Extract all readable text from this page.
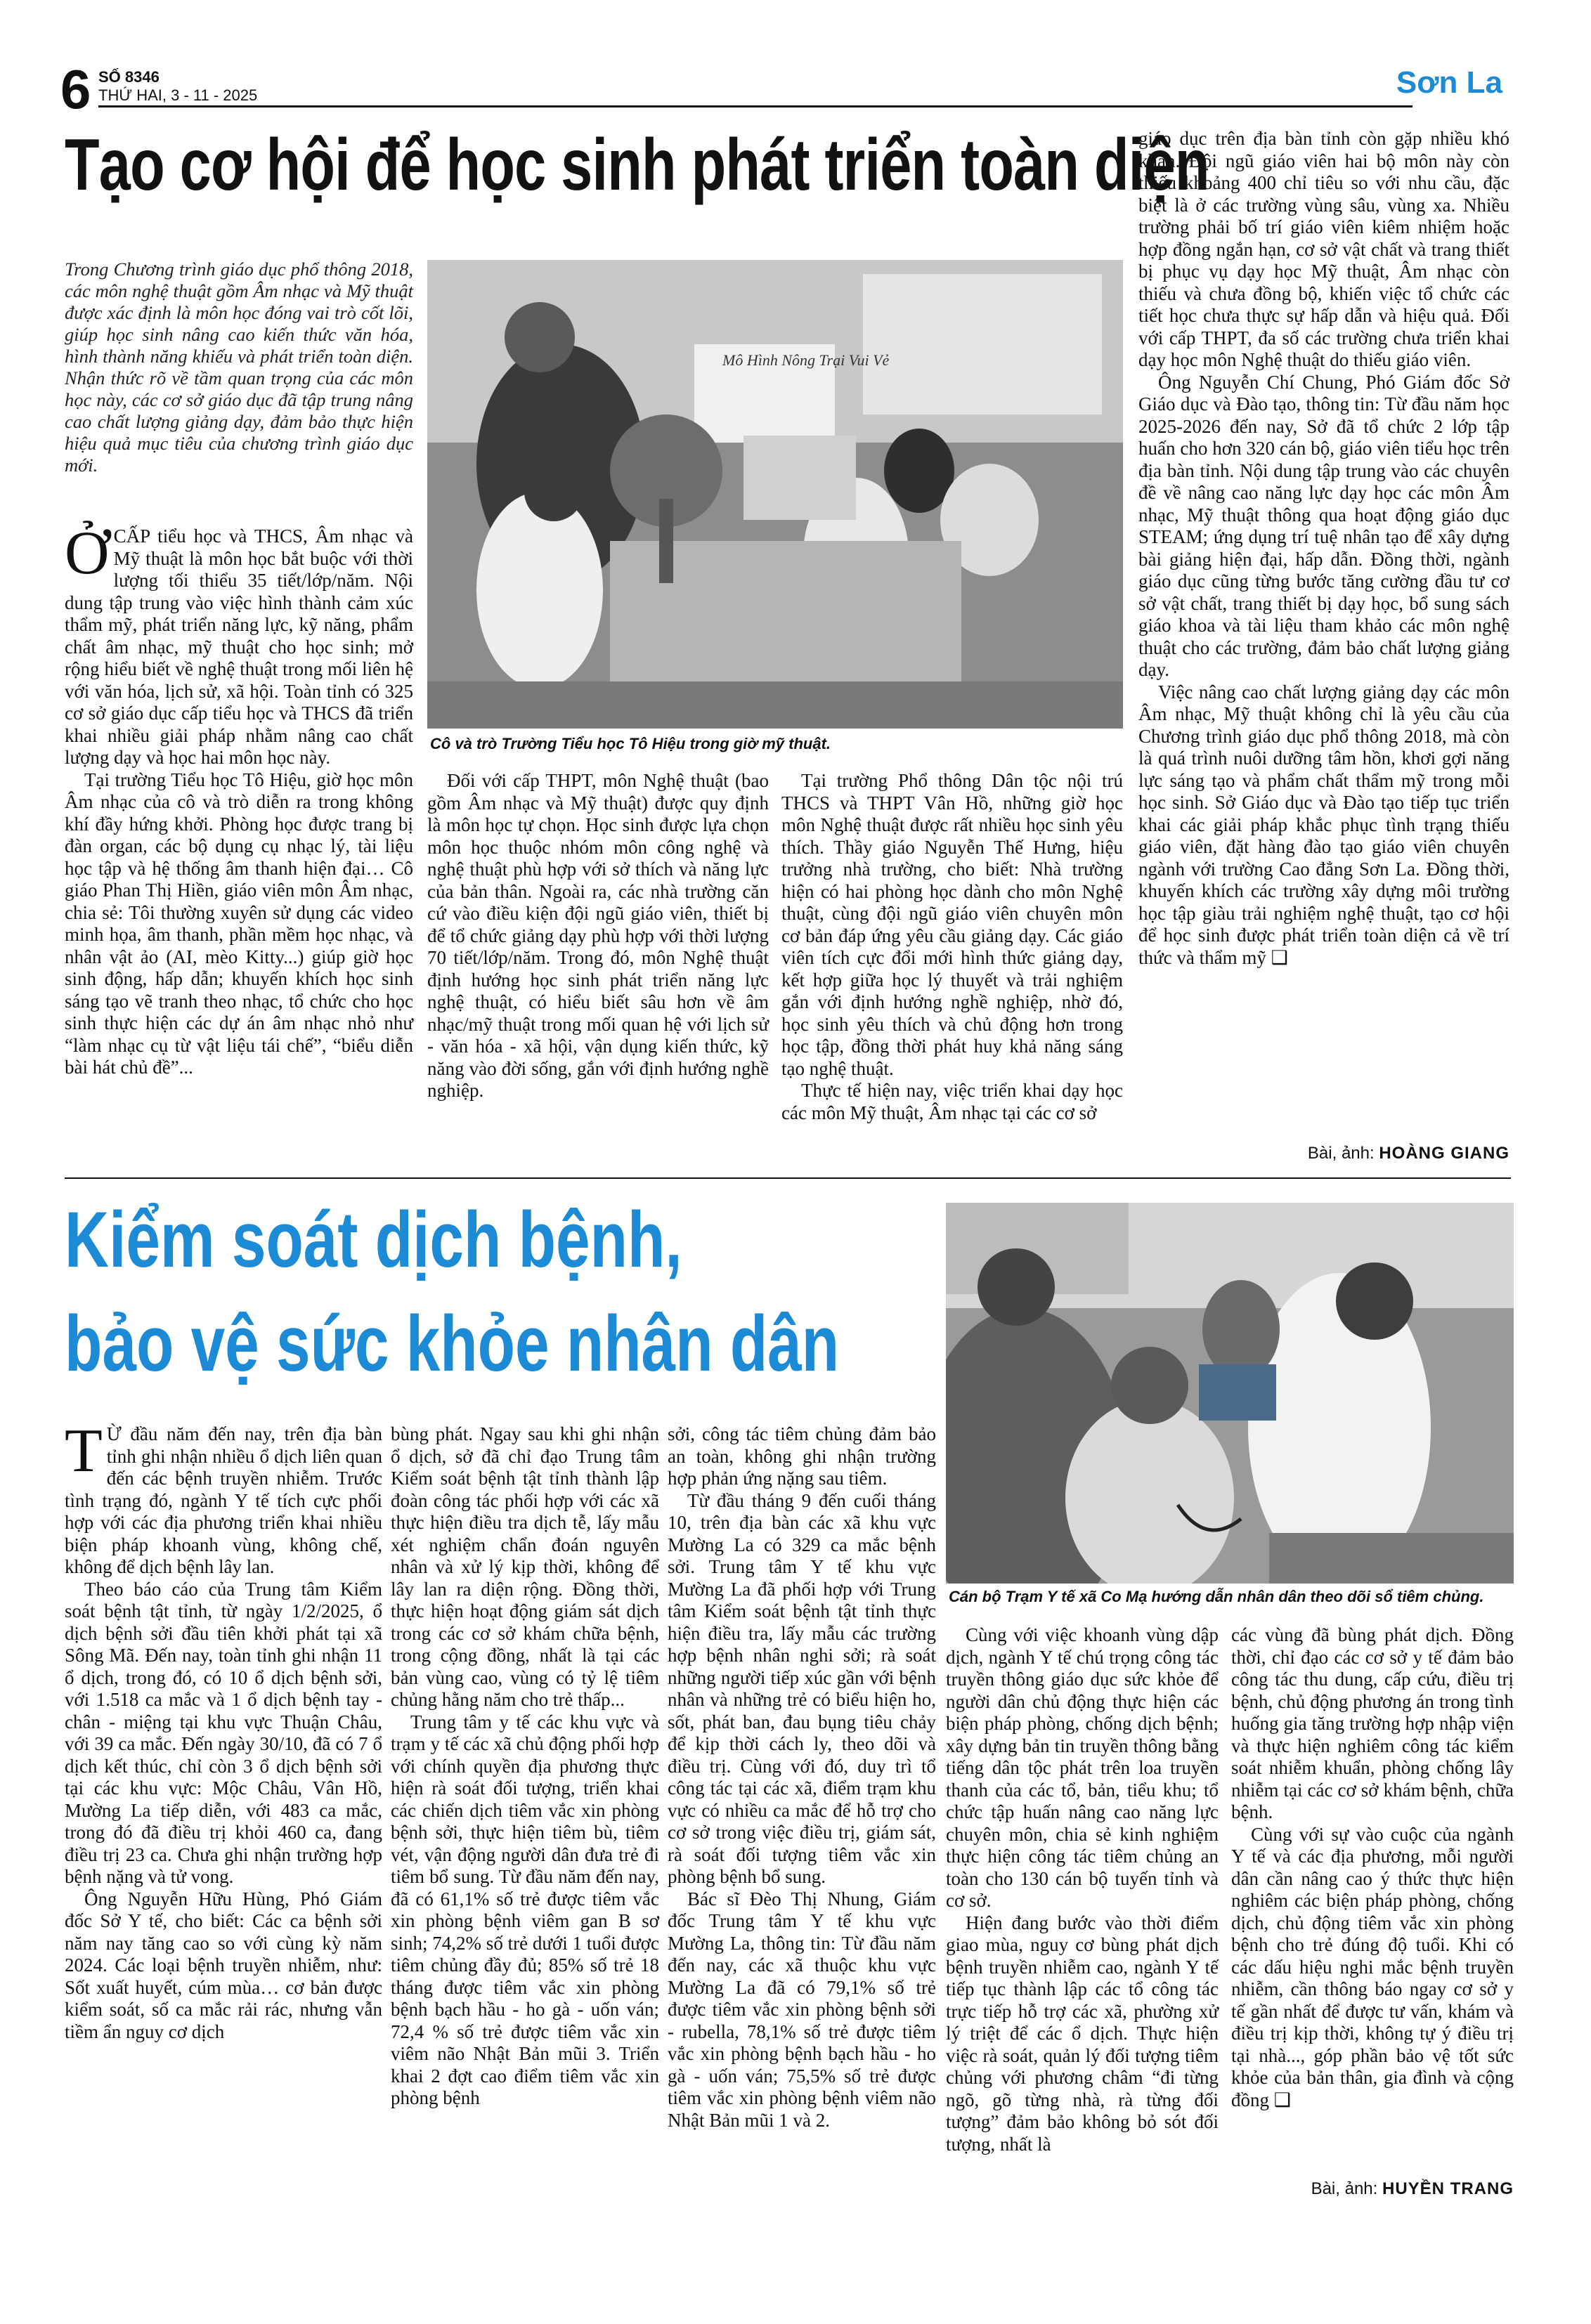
6 SỐ 8346
THỨ HAI, 3 - 11 - 2025	Sơn La
Tạo cơ hội để học sinh phát triển toàn diện
Trong Chương trình giáo dục phổ thông 2018, các môn nghệ thuật gồm Âm nhạc và Mỹ thuật được xác định là môn học đóng vai trò cốt lõi, giúp học sinh nâng cao kiến thức văn hóa, hình thành năng khiếu và phát triển toàn diện. Nhận thức rõ về tầm quan trọng của các môn học này, các cơ sở giáo dục đã tập trung nâng cao chất lượng giảng dạy, đảm bảo thực hiện hiệu quả mục tiêu của chương trình giáo dục mới.
Mô Hình Nông Trại Vui Vẻ
Cô và trò Trường Tiểu học Tô Hiệu trong giờ mỹ thuật.

ỞCẤP tiểu học và THCS, Âm nhạc và Mỹ thuật là môn học bắt buộc với thời lượng tối thiểu 35 tiết/lớp/năm. Nội dung tập trung vào việc hình thành cảm xúc thẩm mỹ, phát triển năng lực, kỹ năng, phẩm chất âm nhạc, mỹ thuật cho học sinh; mở rộng hiểu biết về nghệ thuật trong mối liên hệ với văn hóa, lịch sử, xã hội. Toàn tỉnh có 325 cơ sở giáo dục cấp tiểu học và THCS đã triển khai nhiều giải pháp nhằm nâng cao chất lượng dạy và học hai môn học này.

Tại trường Tiểu học Tô Hiệu, giờ học môn Âm nhạc của cô và trò diễn ra trong không khí đầy hứng khởi. Phòng học được trang bị đàn organ, các bộ dụng cụ nhạc lý, tài liệu học tập và hệ thống âm thanh hiện đại… Cô giáo Phan Thị Hiền, giáo viên môn Âm nhạc, chia sẻ: Tôi thường xuyên sử dụng các video minh họa, âm thanh, phần mềm học nhạc, và nhân vật ảo (AI, mèo Kitty...) giúp giờ học sinh động, hấp dẫn; khuyến khích học sinh sáng tạo vẽ tranh theo nhạc, tổ chức cho học sinh thực hiện các dự án âm nhạc nhỏ như “làm nhạc cụ từ vật liệu tái chế”, “biểu diễn bài hát chủ đề”...

Đối với cấp THPT, môn Nghệ thuật (bao gồm Âm nhạc và Mỹ thuật) được quy định là môn học tự chọn. Học sinh được lựa chọn môn học thuộc nhóm môn công nghệ và nghệ thuật phù hợp với sở thích và năng lực của bản thân. Ngoài ra, các nhà trường căn cứ vào điều kiện đội ngũ giáo viên, thiết bị để tổ chức giảng dạy phù hợp với thời lượng 70 tiết/lớp/năm. Trong đó, môn Nghệ thuật định hướng học sinh phát triển năng lực nghệ thuật, có hiểu biết sâu hơn về âm nhạc/mỹ thuật trong mối quan hệ với lịch sử - văn hóa - xã hội, vận dụng kiến thức, kỹ năng vào đời sống, gắn với định hướng nghề nghiệp.

Tại trường Phổ thông Dân tộc nội trú THCS và THPT Vân Hồ, những giờ học môn Nghệ thuật được rất nhiều học sinh yêu thích. Thầy giáo Nguyễn Thế Hưng, hiệu trưởng nhà trường, cho biết: Nhà trường hiện có hai phòng học dành cho môn Nghệ thuật, cùng đội ngũ giáo viên chuyên môn cơ bản đáp ứng yêu cầu giảng dạy. Các giáo viên tích cực đổi mới hình thức giảng dạy, kết hợp giữa học lý thuyết và trải nghiệm gắn với định hướng nghề nghiệp, nhờ đó, học sinh yêu thích và chủ động hơn trong học tập, đồng thời phát huy khả năng sáng tạo nghệ thuật.

Thực tế hiện nay, việc triển khai dạy học các môn Mỹ thuật, Âm nhạc tại các cơ sở

giáo dục trên địa bàn tỉnh còn gặp nhiều khó khăn. Đội ngũ giáo viên hai bộ môn này còn thiếu khoảng 400 chỉ tiêu so với nhu cầu, đặc biệt là ở các trường vùng sâu, vùng xa. Nhiều trường phải bố trí giáo viên kiêm nhiệm hoặc hợp đồng ngắn hạn, cơ sở vật chất và trang thiết bị phục vụ dạy học Mỹ thuật, Âm nhạc còn thiếu và chưa đồng bộ, khiến việc tổ chức các tiết học chưa thực sự hấp dẫn và hiệu quả. Đối với cấp THPT, đa số các trường chưa triển khai dạy học môn Nghệ thuật do thiếu giáo viên.

Ông Nguyễn Chí Chung, Phó Giám đốc Sở Giáo dục và Đào tạo, thông tin: Từ đầu năm học 2025-2026 đến nay, Sở đã tổ chức 2 lớp tập huấn cho hơn 320 cán bộ, giáo viên tiểu học trên địa bàn tỉnh. Nội dung tập trung vào các chuyên đề về nâng cao năng lực dạy học các môn Âm nhạc, Mỹ thuật thông qua hoạt động giáo dục STEAM; ứng dụng trí tuệ nhân tạo để xây dựng bài giảng hiện đại, hấp dẫn. Đồng thời, ngành giáo dục cũng từng bước tăng cường đầu tư cơ sở vật chất, trang thiết bị dạy học, bổ sung sách giáo khoa và tài liệu tham khảo các môn nghệ thuật cho các trường, đảm bảo chất lượng giảng dạy.

Việc nâng cao chất lượng giảng dạy các môn Âm nhạc, Mỹ thuật không chỉ là yêu cầu của Chương trình giáo dục phổ thông 2018, mà còn là quá trình nuôi dưỡng tâm hồn, khơi gợi năng lực sáng tạo và phẩm chất thẩm mỹ trong mỗi học sinh. Sở Giáo dục và Đào tạo tiếp tục triển khai các giải pháp khắc phục tình trạng thiếu giáo viên, đặt hàng đào tạo giáo viên chuyên ngành với trường Cao đẳng Sơn La. Đồng thời, khuyến khích các trường xây dựng môi trường học tập giàu trải nghiệm nghệ thuật, tạo cơ hội để học sinh được phát triển toàn diện cả về trí thức và thẩm mỹ ❑

Bài, ảnh: HOÀNG GIANG
Kiểm soát dịch bệnh,
bảo vệ sức khỏe nhân dân
Cán bộ Trạm Y tế xã Co Mạ hướng dẫn nhân dân theo dõi sổ tiêm chủng.

T Ừ đầu năm đến nay, trên địa bàn tỉnh ghi nhận nhiều ổ dịch liên quan đến các bệnh truyền nhiễm. Trước tình trạng đó, ngành Y tế tích cực phối hợp với các địa phương triển khai nhiều biện pháp khoanh vùng, không chế, không để dịch bệnh lây lan.

Theo báo cáo của Trung tâm Kiểm soát bệnh tật tỉnh, từ ngày 1/2/2025, ổ dịch bệnh sởi đầu tiên khởi phát tại xã Sông Mã. Đến nay, toàn tỉnh ghi nhận 11 ổ dịch, trong đó, có 10 ổ dịch bệnh sởi, với 1.518 ca mắc và 1 ổ dịch bệnh tay - chân - miệng tại khu vực Thuận Châu, với 39 ca mắc. Đến ngày 30/10, đã có 7 ổ dịch kết thúc, chỉ còn 3 ổ dịch bệnh sởi tại các khu vực: Mộc Châu, Vân Hồ, Mường La tiếp diễn, với 483 ca mắc, trong đó đã điều trị khỏi 460 ca, đang điều trị 23 ca. Chưa ghi nhận trường hợp bệnh nặng và tử vong.

Ông Nguyễn Hữu Hùng, Phó Giám đốc Sở Y tế, cho biết: Các ca bệnh sởi năm nay tăng cao so với cùng kỳ năm 2024. Các loại bệnh truyền nhiễm, như: Sốt xuất huyết, cúm mùa… cơ bản được kiểm soát, số ca mắc rải rác, nhưng vẫn tiềm ẩn nguy cơ dịch

bùng phát. Ngay sau khi ghi nhận ổ dịch, sở đã chỉ đạo Trung tâm Kiểm soát bệnh tật tỉnh thành lập đoàn công tác phối hợp với các xã thực hiện điều tra dịch tễ, lấy mẫu xét nghiệm chẩn đoán nguyên nhân và xử lý kịp thời, không để lây lan ra diện rộng. Đồng thời, thực hiện hoạt động giám sát dịch trong các cơ sở khám chữa bệnh, trong cộng đồng, nhất là tại các bản vùng cao, vùng có tỷ lệ tiêm chủng hằng năm cho trẻ thấp...

Trung tâm y tế các khu vực và trạm y tế các xã chủ động phối hợp với chính quyền địa phương thực hiện rà soát đối tượng, triển khai các chiến dịch tiêm vắc xin phòng bệnh sởi, thực hiện tiêm bù, tiêm vét, vận động người dân đưa trẻ đi tiêm bổ sung. Từ đầu năm đến nay, đã có 61,1% số trẻ được tiêm vắc xin phòng bệnh viêm gan B sơ sinh; 74,2% số trẻ dưới 1 tuổi được tiêm chủng đầy đủ; 85% số trẻ 18 tháng được tiêm vắc xin phòng bệnh bạch hầu - ho gà - uốn ván; 72,4 % số trẻ được tiêm vắc xin viêm não Nhật Bản mũi 3. Triển khai 2 đợt cao điểm tiêm vắc xin phòng bệnh

sởi, công tác tiêm chủng đảm bảo an toàn, không ghi nhận trường hợp phản ứng nặng sau tiêm.

Từ đầu tháng 9 đến cuối tháng 10, trên địa bàn các xã khu vực Mường La có 329 ca mắc bệnh sởi. Trung tâm Y tế khu vực Mường La đã phối hợp với Trung tâm Kiểm soát bệnh tật tỉnh thực hiện điều tra, lấy mẫu các trường hợp bệnh nhân nghi sởi; rà soát những người tiếp xúc gần với bệnh nhân và những trẻ có biểu hiện ho, sốt, phát ban, đau bụng tiêu chảy để kịp thời cách ly, theo dõi và điều trị. Cùng với đó, duy trì tổ công tác tại các xã, điểm trạm khu vực có nhiều ca mắc để hỗ trợ cho cơ sở trong việc điều trị, giám sát, rà soát đối tượng tiêm vắc xin phòng bệnh bổ sung.

Bác sĩ Đèo Thị Nhung, Giám đốc Trung tâm Y tế khu vực Mường La, thông tin: Từ đầu năm đến nay, các xã thuộc khu vực Mường La đã có 79,1% số trẻ được tiêm vắc xin phòng bệnh sởi - rubella, 78,1% số trẻ được tiêm vắc xin phòng bệnh bạch hầu - ho gà - uốn ván; 75,5% số trẻ được tiêm vắc xin phòng bệnh viêm não Nhật Bản mũi 1 và 2.

Cùng với việc khoanh vùng dập dịch, ngành Y tế chú trọng công tác truyền thông giáo dục sức khỏe để người dân chủ động thực hiện các biện pháp phòng, chống dịch bệnh; xây dựng bản tin truyền thông bằng tiếng dân tộc phát trên loa truyền thanh của các tổ, bản, tiểu khu; tổ chức tập huấn nâng cao năng lực chuyên môn, chia sẻ kinh nghiệm thực hiện công tác tiêm chủng an toàn cho 130 cán bộ tuyến tỉnh và cơ sở.

Hiện đang bước vào thời điểm giao mùa, nguy cơ bùng phát dịch bệnh truyền nhiễm cao, ngành Y tế tiếp tục thành lập các tổ công tác trực tiếp hỗ trợ các xã, phường xử lý triệt để các ổ dịch. Thực hiện việc rà soát, quản lý đối tượng tiêm chủng với phương châm “đi từng ngõ, gõ từng nhà, rà từng đối tượng” đảm bảo không bỏ sót đối tượng, nhất là

các vùng đã bùng phát dịch. Đồng thời, chỉ đạo các cơ sở y tế đảm bảo công tác thu dung, cấp cứu, điều trị bệnh, chủ động phương án trong tình huống gia tăng trường hợp nhập viện và thực hiện nghiêm công tác kiểm soát nhiễm khuẩn, phòng chống lây nhiễm tại các cơ sở khám bệnh, chữa bệnh.

Cùng với sự vào cuộc của ngành Y tế và các địa phương, mỗi người dân cần nâng cao ý thức thực hiện nghiêm các biện pháp phòng, chống dịch, chủ động tiêm vắc xin phòng bệnh cho trẻ đúng độ tuổi. Khi có các dấu hiệu nghi mắc bệnh truyền nhiễm, cần thông báo ngay cơ sở y tế gần nhất để được tư vấn, khám và điều trị kịp thời, không tự ý điều trị tại nhà..., góp phần bảo vệ tốt sức khỏe của bản thân, gia đình và cộng đồng ❑

Bài, ảnh: HUYỀN TRANG
